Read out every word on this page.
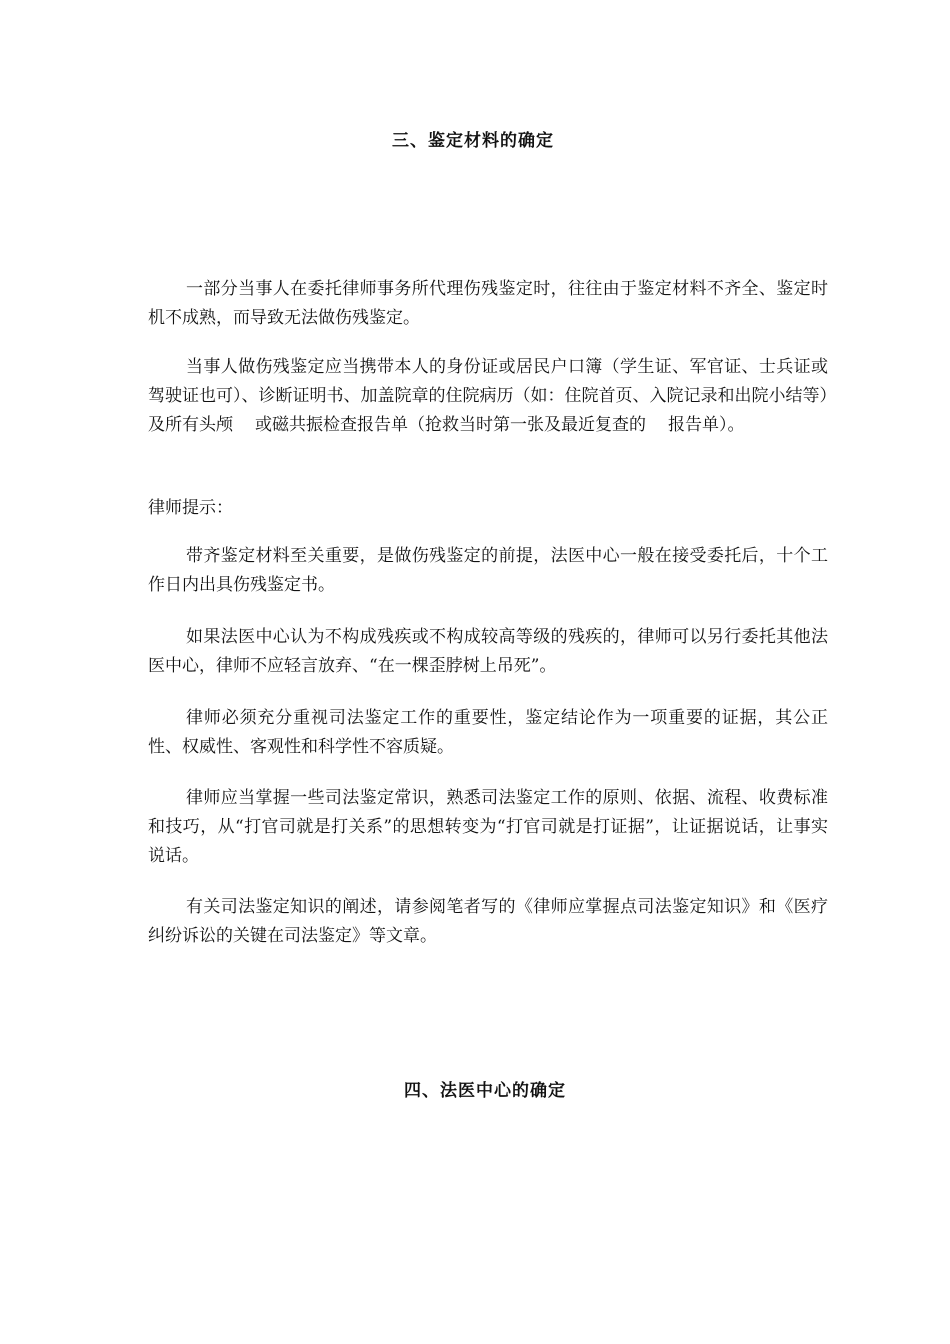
三、鉴定材料的确定

一部分当事人在委托律师事务所代理伤残鉴定时，往往由于鉴定材料不齐全、鉴定时机不成熟，而导致无法做伤残鉴定。

当事人做伤残鉴定应当携带本人的身份证或居民户口簿（学生证、军官证、士兵证或驾驶证也可）、诊断证明书、加盖院章的住院病历（如：住院首页、入院记录和出院小结等）及所有头颅 或磁共振检查报告单（抢救当时第一张及最近复查的 报告单）。

律师提示：

带齐鉴定材料至关重要，是做伤残鉴定的前提，法医中心一般在接受委托后，十个工作日内出具伤残鉴定书。

如果法医中心认为不构成残疾或不构成较高等级的残疾的，律师可以另行委托其他法医中心，律师不应轻言放弃、“在一棵歪脖树上吊死”。

律师必须充分重视司法鉴定工作的重要性，鉴定结论作为一项重要的证据，其公正性、权威性、客观性和科学性不容质疑。

律师应当掌握一些司法鉴定常识，熟悉司法鉴定工作的原则、依据、流程、收费标准和技巧，从“打官司就是打关系”的思想转变为“打官司就是打证据”，让证据说话，让事实说话。

有关司法鉴定知识的阐述，请参阅笔者写的《律师应掌握点司法鉴定知识》和《医疗纠纷诉讼的关键在司法鉴定》等文章。

四、法医中心的确定
